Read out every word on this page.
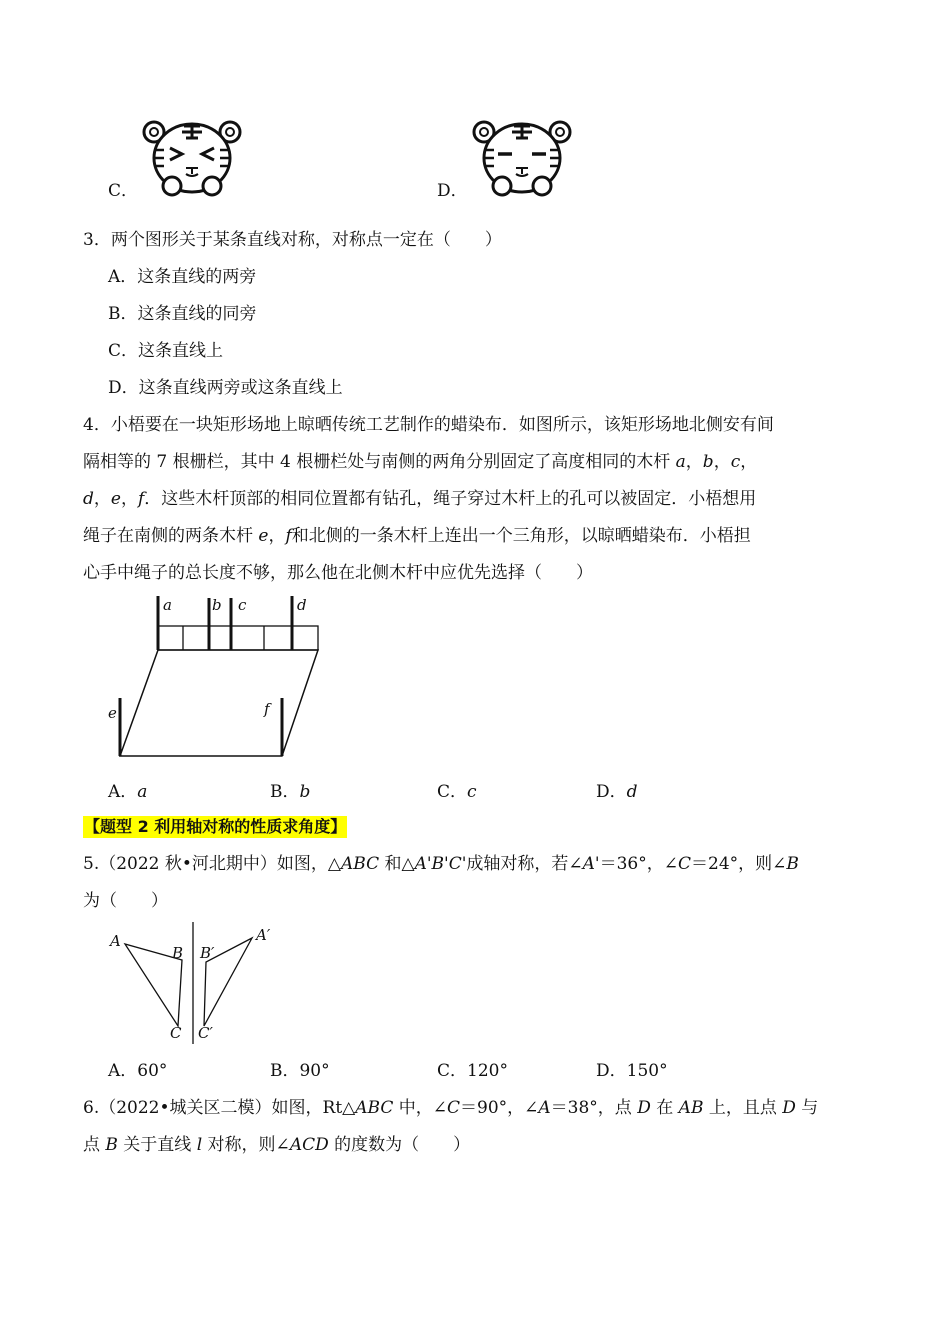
C．	D．
3．两个图形关于某条直线对称，对称点一定在（　　）
A．这条直线的两旁
B．这条直线的同旁
C．这条直线上
D．这条直线两旁或这条直线上
4．小梧要在一块矩形场地上晾晒传统工艺制作的蜡染布．如图所示，该矩形场地北侧安有间
隔相等的 7 根栅栏，其中 4 根栅栏处与南侧的两角分别固定了高度相同的木杆 a，b，c，
d，e，f．这些木杆顶部的相同位置都有钻孔，绳子穿过木杆上的孔可以被固定．小梧想用
绳子在南侧的两条木杆 e，f和北侧的一条木杆上连出一个三角形，以晾晒蜡染布．小梧担
心手中绳子的总长度不够，那么他在北侧木杆中应优先选择（　　）
a	b c	d
e	f
A．a	B．b	C．c	D．d
【题型 2 利用轴对称的性质求角度】
5.（2022 秋•河北期中）如图，△ABC 和△A'B'C'成轴对称，若∠A'＝36°，∠C＝24°，则∠B
为（　　）
A
B
C
B′
A′
C′
A．60°	B．90°	C．120°	D．150°
6.（2022•城关区二模）如图，Rt△ABC 中，∠C＝90°，∠A＝38°，点 D 在 AB 上，且点 D 与
点 B 关于直线 l 对称，则∠ACD 的度数为（　　）
